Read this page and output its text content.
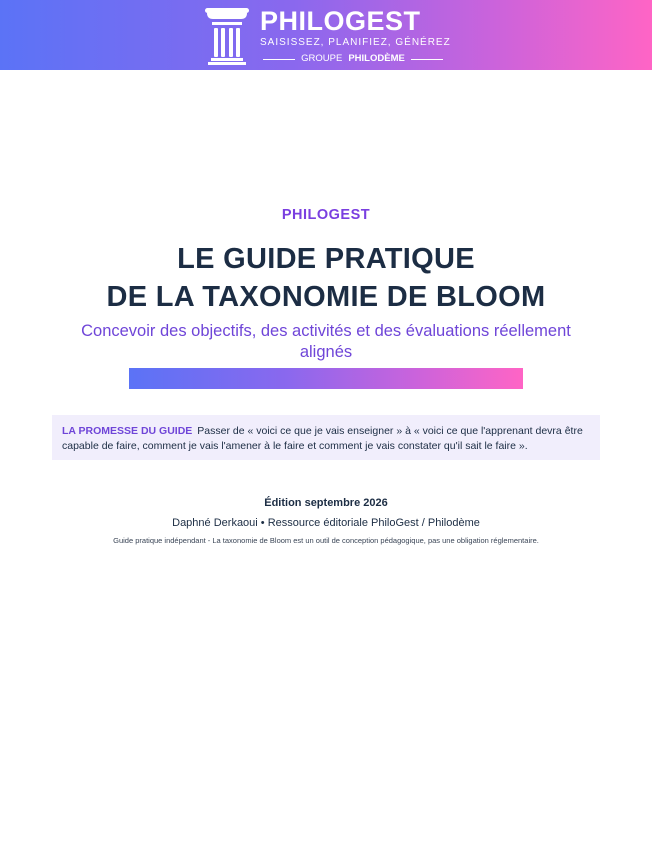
PHILOGEST
SAISISSEZ, PLANIFIEZ, GÉNÉREZ
GROUPE PHILODÈME
PHILOGEST
LE GUIDE PRATIQUE
DE LA TAXONOMIE DE BLOOM
Concevoir des objectifs, des activités et des évaluations réellement alignés
LA PROMESSE DU GUIDE Passer de « voici ce que je vais enseigner » à « voici ce que l'apprenant devra être capable de faire, comment je vais l'amener à le faire et comment je vais constater qu'il sait le faire ».
Édition septembre 2026
Daphné Derkaoui • Ressource éditoriale PhiloGest / Philodème
Guide pratique indépendant - La taxonomie de Bloom est un outil de conception pédagogique, pas une obligation réglementaire.
